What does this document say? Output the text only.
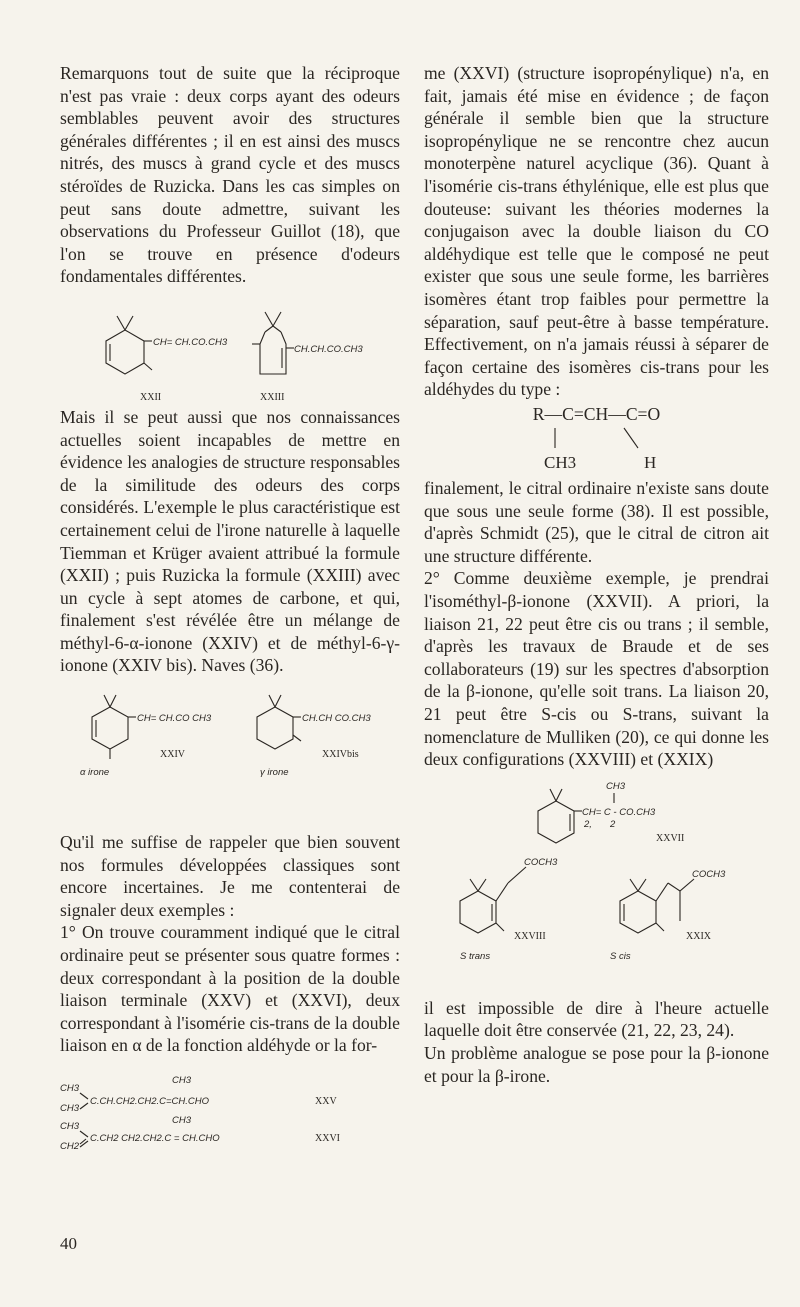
Remarquons tout de suite que la réciproque n'est pas vraie : deux corps ayant des odeurs semblables peuvent avoir des structures générales différentes ; il en est ainsi des muscs nitrés, des muscs à grand cycle et des muscs stéroïdes de Ruzicka. Dans les cas simples on peut sans doute admettre, suivant les observations du Professeur Guillot (18), que l'on se trouve en présence d'odeurs fondamentales différentes.

CH= CH.CO.CH3
XXII
CH.CH.CO.CH3
XXIII

Mais il se peut aussi que nos connaissances actuelles soient incapables de mettre en évidence les analogies de structure responsables de la similitude des odeurs des corps considérés. L'exemple le plus caractéristique est certainement celui de l'irone naturelle à laquelle Tiemman et Krüger avaient attribué la formule (XXII) ; puis Ruzicka la formule (XXIII) avec un cycle à sept atomes de carbone, et qui, finalement s'est révélée être un mélange de méthyl-6-α-ionone (XXIV) et de méthyl-6-γ-ionone (XXIV bis). Naves (36).

CH= CH.CO CH3
XXIV
α irone
CH.CH CO.CH3
XXIVbis
γ irone

Qu'il me suffise de rappeler que bien souvent nos formules développées classiques sont encore incertaines. Je me contenterai de signaler deux exemples :

1° On trouve couramment indiqué que le citral ordinaire peut se présenter sous quatre formes : deux correspondant à la position de la double liaison terminale (XXV) et (XXVI), deux correspondant à l'isomérie cis-trans de la double liaison en α de la fonction aldéhyde or la for-

CH3
CH3
C.CH.CH2.CH2.C=CH.CHO
CH3
XXV
CH3
CH2
C.CH2 CH2.CH2.C = CH.CHO
CH3
XXVI

me (XXVI) (structure isopropénylique) n'a, en fait, jamais été mise en évidence ; de façon générale il semble bien que la structure isopropénylique ne se rencontre chez aucun monoterpène naturel acyclique (36). Quant à l'isomérie cis-trans éthylénique, elle est plus que douteuse: suivant les théories modernes la conjugaison avec la double liaison du CO aldéhydique est telle que le composé ne peut exister que sous une seule forme, les barrières isomères étant trop faibles pour permettre la séparation, sauf peut-être à basse température. Effectivement, on n'a jamais réussi à séparer de façon certaine des isomères cis-trans pour les aldéhydes du type :

R—C=CH—C=O
CH3	H

finalement, le citral ordinaire n'existe sans doute que sous une seule forme (38). Il est possible, d'après Schmidt (25), que le citral de citron ait une structure différente.

2° Comme deuxième exemple, je prendrai l'isométhyl-β-ionone (XXVII). A priori, la liaison 21, 22 peut être cis ou trans ; il semble, d'après les travaux de Braude et de ses collaborateurs (19) sur les spectres d'absorption de la β-ionone, qu'elle soit trans. La liaison 20, 21 peut être S-cis ou S-trans, suivant la nomenclature de Mulliken (20), ce qui donne les deux configurations (XXVIII) et (XXIX)

CH3
CH= C - CO.CH3
2, 2
XXVII
COCH3
XXVIII
S trans
COCH3
XXIX
S cis

il est impossible de dire à l'heure actuelle laquelle doit être conservée (21, 22, 23, 24).

Un problème analogue se pose pour la β-ionone et pour la β-irone.

40
